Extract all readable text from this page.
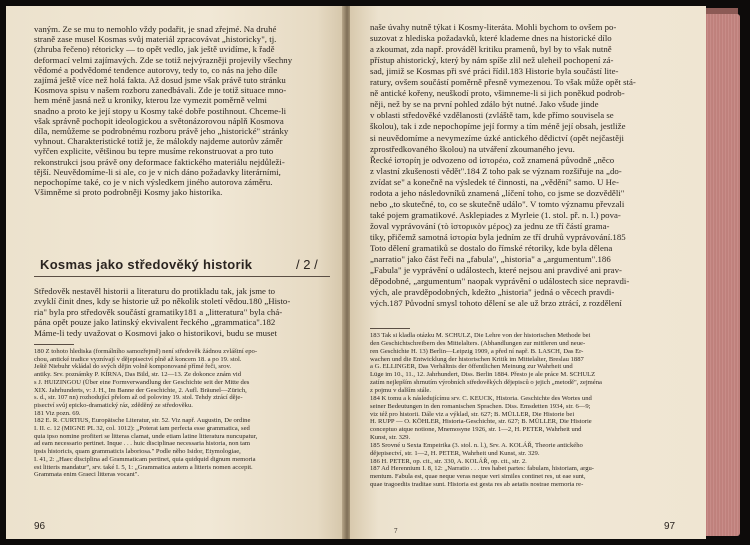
vaným. Ze se mu to nemohlo vždy podařit, je snad zřejmé. Na druhé
straně zase musel Kosmas svůj materiál zpracovávat „historicky", tj.
(zhruba řečeno) rétoricky — to opět vedlo, jak ještě uvidíme, k řadě
deformací velmi zajímavých. Zde se totiž nejvýrazněji projevily všechny
vědomé a podvědomé tendence autorovy, tedy to, co nás na jeho díle
zajímá ještě více než holá fakta. Až dosud jsme však právě tuto stránku
Kosmova spisu v našem rozboru zanedbávali. Zde je totiž situace mno-
hem méně jasná než u kroniky, kterou lze vymezit poměrně velmi
snadno a proto ke její stopy u Kosmy také dobře postihnout. Chceme-li
však správně pochopit ideologickou a světonázorovou náplň Kosmova
díla, nemůžeme se podrobnému rozboru právě jeho „historické" stránky
vyhnout. Charakteristické totiž je, že málokdy najdeme autorův záměr
vyřčen explicite, většinou bu tepre musíme rekonstruovat a pro tuto
rekonstrukci jsou právě ony deformace faktického materiálu nejdůleži-
tější. Neuvědomíme-li si ale, co je v nich dáno požadavky literárními,
nepochopíme také, co je v nich výsledkem jiného autorova záměru.
Všimněme si proto podrobněji Kosmy jako historika.
Kosmas jako středověký historik	/ 2 /
Středověk nestavěl historii a literaturu do protikladu tak, jak jsme to
zvyklí činit dnes, kdy se historie už po několik století vědou.180 „Histo-
ria" byla pro středověk součástí gramatiky181 a „litteratura" byla chá-
pána opět pouze jako latinský ekvivalent řeckého „grammatica".182
Máme-li tedy uvažovat o Kosmovi jako o historikovi, budu se muset
180 Z tohoto hlediska (formálního samozřejmě) není středověk žádnou zvláštní epo-
chou, antické tradice vyznívají v dějepisectví plně až koncem 18. a po 19. stol.
Ještě Niebuhr vkládal do svých dějin volně komponované přímé řeči, srov.
antiky. Srv. poznámky P. KÍRNA, Das Bild, str. 12—13. Ze dokonce znám vid
s J. HUIZINGOU (Über eine Formverwandlung der Geschichte seit der Mitte des
XIX. Jahrhunderts, v: J. H., Im Banne der Geschichte, 2. Aufl. Bräunel—Zürich,
s. d., str. 107 nn) rozhodující přelom až od poloviny 19. stol. Tehdy ztrácí děje-
pisectví svůj epicko-dramatický ráz, zděděný ze středověku.
181 Viz pozn. 69.
182 E. R. CURTIUS, Europäische Literatur, str. 52. Viz např. Augustin, De ordine
I. II. c. 12 (MIGNE PL 32, col. 1012): „Poterat iam perfecta esse grammatica, sed
quia ipso nomine profiteri se litteras clamat, unde etiam latine litteratura nuncupatur,
ad eam necessario pertinet. Inque . . . huic disciplinae necessaria historia, non tam
ipsis historicis, quam grammaticis laboriosa." Podle něho Isidor, Etymologiae,
I. 41, 2: „Haec disciplina ad Grammaticam pertinet, quia quidquid dignum memoria
est litteris mandatur", srv. také I. 5, 1: „Grammatica autem a litteris nomen accepit.
Grammata enim Graeci litteras vocant".
96
naše úvahy nutně týkat i Kosmy-literáta. Mohli bychom to ovšem po-
suzovat z hlediska požadavků, které klademe dnes na historické dílo
a zkoumat, zda např. prováděl kritiku pramenů, byl by to však nutně
přístup ahistorický, který by nám spíše zlil než uleheil pochopení zá-
sad, jimiž se Kosmas při své práci řídil.183 Historie byla součástí lite-
ratury, ovšem součástí poměrně přesně vymezenou. To však může opět stá-
ně antické kořeny, neuškodí proto, všimneme-li si jich poněkud podrob-
něji, než by se na první pohled zdálo být nutné. Jako všude jinde
v oblasti středověké vzdělanosti (zvláště tam, kde přímo souvisela se
školou), tak i zde nepochopíme její formy a tím méně její obsah, jestliže
si neuvědomíme a nevymezíme úzké antického dědictví (opět nejčastěji
zprostředkovaného školou) na utváření zkoumaného jevu.
Řecké ἱστορίη je odvozeno od ἱστορέω, což znamená původně „něco
z vlastní zkušenosti vědět".184 Z toho pak se význam rozšiřuje na „do-
zvídat se" a konečně na výsledek té činnosti, na „vědění" samo. U He-
rodota a jeho následovníků znamená „líčení toho, co jsme se dozvěděli"
nebo „to skutečné, to, co se skutečně událo". V tomto významu převzali
také pojem gramatikové. Asklepiades z Myrleie (1. stol. př. n. l.) pova-
žoval vyprávování (τὸ ἱστορικὸν μέρος) za jednu ze tří částí grama-
tiky, přičemž samotná ἱστορία byla jedním ze tří druhů vyprávování.185
Toto dělení gramatiků se dostalo do římské rétoriky, kde byla dělena
„narratio" jako část řeči na „fabula", „historia" a „argumentum".186
„Fabula" je vyprávění o událostech, které nejsou ani pravdivé ani prav-
děpodobné, „argumentum" naopak vyprávění o událostech sice nepravdi-
vých, ale pravděpodobných, kdežto „historia" jedná o věcech pravdi-
vých.187 Původní smysl tohoto dělení se ale už brzo ztrácí, z rozdělení
183 Tak si kladla otázku M. SCHULZ, Die Lehre von der historischen Methode bei
den Geschichtschreibern des Mittelalters. (Abhandlungen zur mittleren und neue-
ren Geschichte H. 13) Berlin—Leipzig 1909, a před ní např. B. LASCH, Das Er-
wachen und die Entwicklung der historischen Kritik im Mittelalter, Breslau 1887
a G. ELLINGER, Das Verhältnis der öffentlichen Meinung zur Wahrheit und
Lüge im 10., 11., 12. Jahrhundert, Diss. Berlin 1884. Přesto je ale práce M. SCHULZ
zatím nejlepším shrnutím výrobních středověkých dějepisců o jejich „metodě", zejména
z pojmu v dalším stále.
184 K tomu a k následujícímu srv. C. KEUCK, Historia. Geschichte des Wortes und
seiner Bedeutungen in den romanischen Sprachen. Diss. Emsdetten 1934, str. 6—9;
viz též pro historii. Dále viz a výklad, str. 627; B. MÜLLER, Die Historie bei
H. RUPP — O. KÖHLER, Historia-Geschichte, str. 627; B. MÜLLER, Die Historie
conceptuo atque notione, Mnemosyne 1926, str. 1—2, H. PETER, Wahrheit und
Kunst, str. 329.
185 Srovné u Sexta Empeirika (3. stol. n. l.), Srv. A. KOLÁŘ, Theorie antického
dějepisectví, str. 1—2, H. PETER, Wahrheit und Kunst, str. 329.
186 H. PETER, op. cit., str. 330, A. KOLÁŘ, op. cit., str. 2.
187 Ad Herennium I. 8, 12: „Narratio . . . tres habet partes: fabulam, historiam, argu-
mentum. Fabula est, quae neque veras neque veri similes continet res, ut eae sunt,
quae tragoediis traditae sunt. Historia est gesta res ab aetatis nostrae memoria re-
7	97
